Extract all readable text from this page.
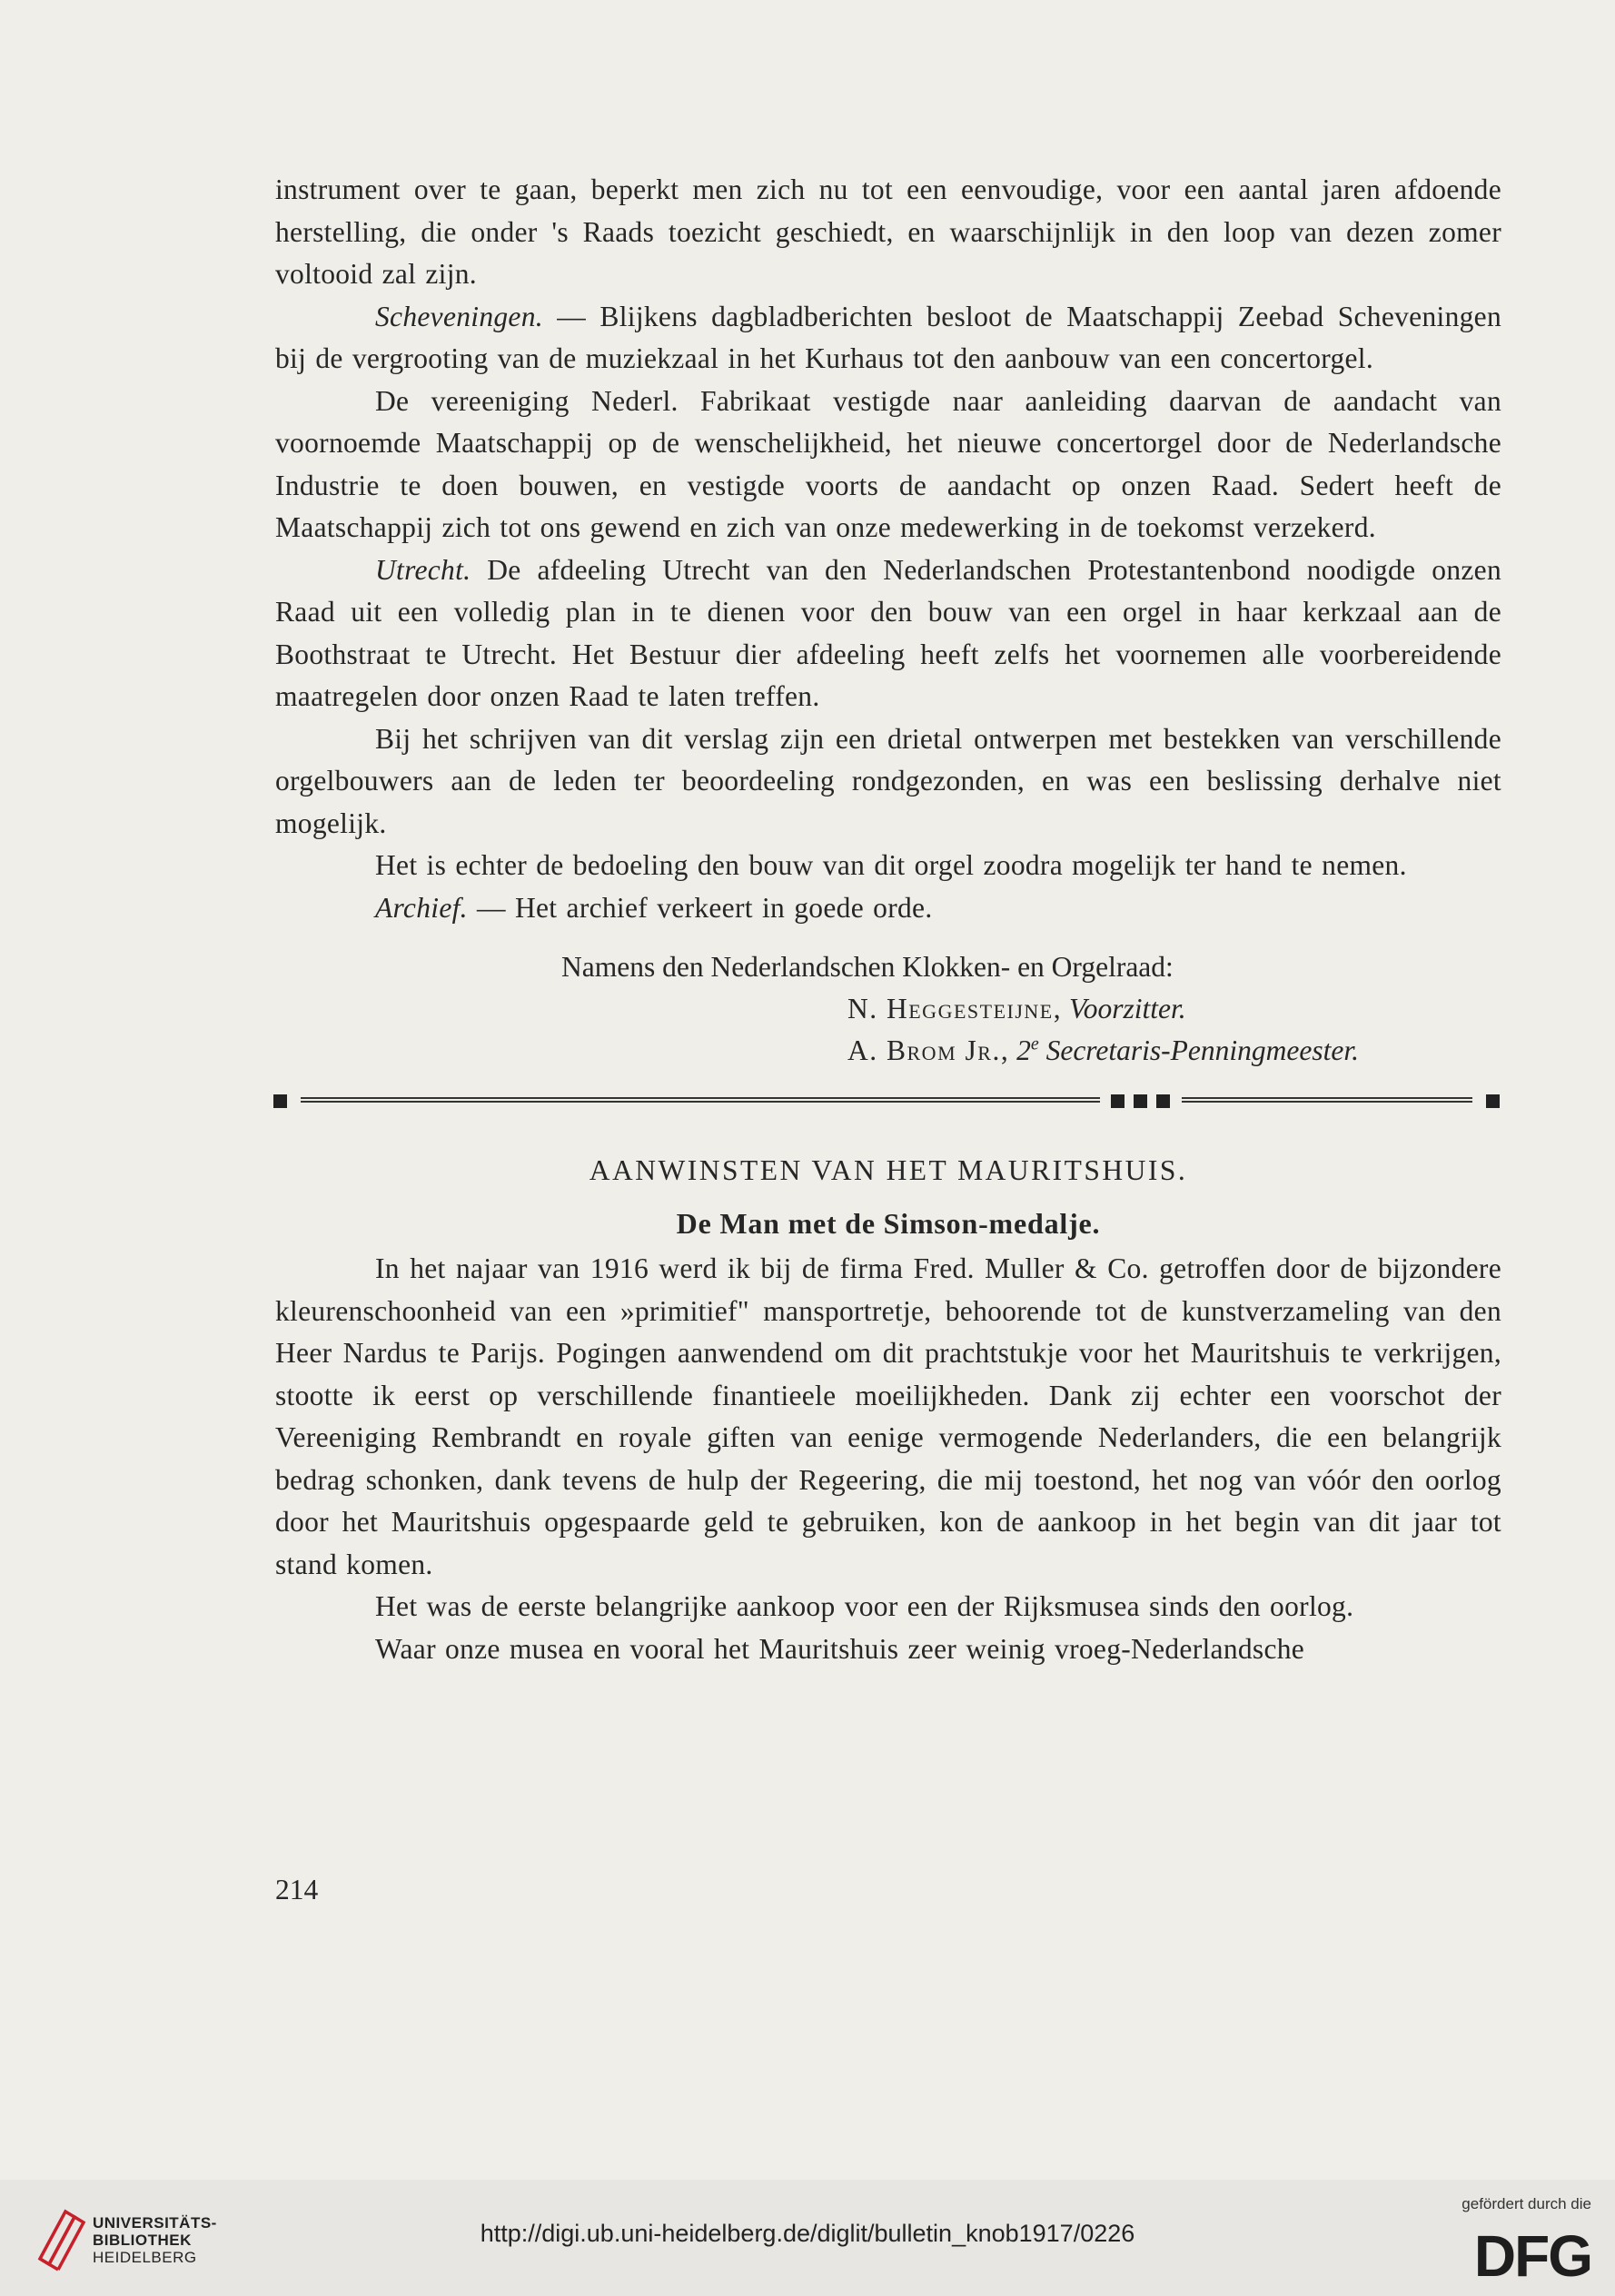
instrument over te gaan, beperkt men zich nu tot een eenvoudige, voor een aantal jaren afdoende herstelling, die onder 's Raads toezicht geschiedt, en waarschijnlijk in den loop van dezen zomer voltooid zal zijn.

Scheveningen. — Blijkens dagbladberichten besloot de Maatschappij Zeebad Scheveningen bij de vergrooting van de muziekzaal in het Kurhaus tot den aanbouw van een concertorgel.

De vereeniging Nederl. Fabrikaat vestigde naar aanleiding daarvan de aandacht van voornoemde Maatschappij op de wenschelijkheid, het nieuwe concertorgel door de Nederlandsche Industrie te doen bouwen, en vestigde voorts de aandacht op onzen Raad. Sedert heeft de Maatschappij zich tot ons gewend en zich van onze medewerking in de toekomst verzekerd.

Utrecht. De afdeeling Utrecht van den Nederlandschen Protestantenbond noodigde onzen Raad uit een volledig plan in te dienen voor den bouw van een orgel in haar kerkzaal aan de Boothstraat te Utrecht. Het Bestuur dier afdeeling heeft zelfs het voornemen alle voorbereidende maatregelen door onzen Raad te laten treffen.

Bij het schrijven van dit verslag zijn een drietal ontwerpen met bestekken van verschillende orgelbouwers aan de leden ter beoordeeling rondgezonden, en was een beslissing derhalve niet mogelijk.

Het is echter de bedoeling den bouw van dit orgel zoodra mogelijk ter hand te nemen.

Archief. — Het archief verkeert in goede orde.

Namens den Nederlandschen Klokken- en Orgelraad:
N. Heggesteijne, Voorzitter.
A. Brom Jr., 2e Secretaris-Penningmeester.
AANWINSTEN VAN HET MAURITSHUIS.
De Man met de Simson-medalje.

In het najaar van 1916 werd ik bij de firma Fred. Muller & Co. getroffen door de bijzondere kleurenschoonheid van een »primitief" mansportretje, behoorende tot de kunstverzameling van den Heer Nardus te Parijs. Pogingen aanwendend om dit prachtstukje voor het Mauritshuis te verkrijgen, stootte ik eerst op verschillende finantieele moeilijkheden. Dank zij echter een voorschot der Vereeniging Rembrandt en royale giften van eenige vermogende Nederlanders, die een belangrijk bedrag schonken, dank tevens de hulp der Regeering, die mij toestond, het nog van vóór den oorlog door het Mauritshuis opgespaarde geld te gebruiken, kon de aankoop in het begin van dit jaar tot stand komen.

Het was de eerste belangrijke aankoop voor een der Rijksmusea sinds den oorlog.

Waar onze musea en vooral het Mauritshuis zeer weinig vroeg-Nederlandsche

214
UNIVERSITÄTS-
BIBLIOTHEK
HEIDELBERG
http://digi.ub.uni-heidelberg.de/diglit/bulletin_knob1917/0226
gefördert durch die
DFG
